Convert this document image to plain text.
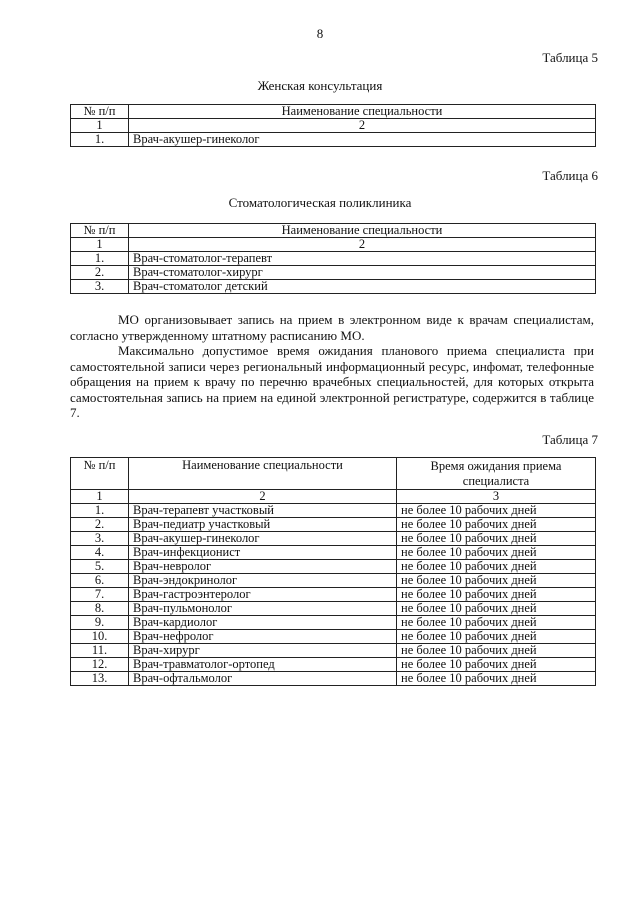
8
Таблица 5
Женская консультация
№ п/п	Наименование специальности
1	2
1.	Врач-акушер-гинеколог
Таблица 6
Стоматологическая поликлиника
№ п/п	Наименование специальности
1	2
1.	Врач-стоматолог-терапевт
2.	Врач-стоматолог-хирург
3.	Врач-стоматолог детский

МО организовывает запись на прием в электронном виде к врачам специалистам, согласно утвержденному штатному расписанию МО.

Максимально допустимое время ожидания планового приема специалиста при самостоятельной записи через региональный информационный ресурс, инфомат, телефонные обращения на прием к врачу по перечню врачебных специальностей, для которых открыта самостоятельная запись на прием на единой электронной регистратуре, содержится в таблице 7.

Таблица 7
№ п/п	Наименование специальности	Время ожидания приема специалиста
1	2	3
1.	Врач-терапевт участковый	не более 10 рабочих дней
2.	Врач-педиатр участковый	не более 10 рабочих дней
3.	Врач-акушер-гинеколог	не более 10 рабочих дней
4.	Врач-инфекционист	не более 10 рабочих дней
5.	Врач-невролог	не более 10 рабочих дней
6.	Врач-эндокринолог	не более 10 рабочих дней
7.	Врач-гастроэнтеролог	не более 10 рабочих дней
8.	Врач-пульмонолог	не более 10 рабочих дней
9.	Врач-кардиолог	не более 10 рабочих дней
10.	Врач-нефролог	не более 10 рабочих дней
11.	Врач-хирург	не более 10 рабочих дней
12.	Врач-травматолог-ортопед	не более 10 рабочих дней
13.	Врач-офтальмолог	не более 10 рабочих дней
